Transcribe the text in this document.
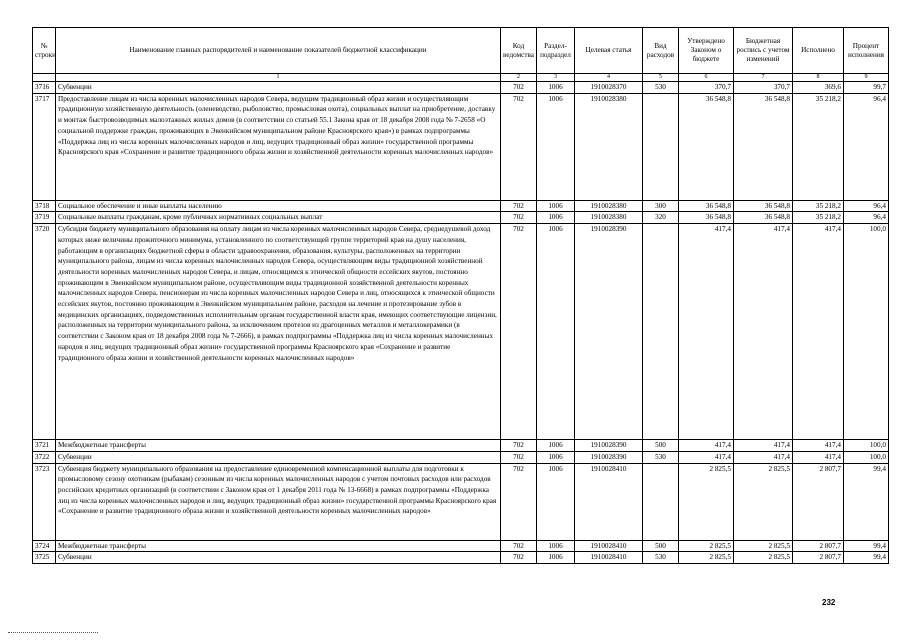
№ строки	Наименование главных распорядителей и наименование показателей бюджетной классификации	Код ведомства	Раздел-подраздел	Целевая статья	Вид расходов	Утверждено Законом о бюджете	Бюджетная роспись с учетом изменений	Исполнено	Процент исполнения
	1	2	3	4	5	6	7	8	9
3716	Субвенции	702	1006	1910028370	530	370,7	370,7	369,6	99,7
3717	Предоставление лицам из числа коренных малочисленных народов Севера, ведущим традиционный образ жизни и осуществляющим традиционную хозяйственную деятельность (оленеводство, рыболовство, промысловая охота), социальных выплат на приобретение, доставку и монтаж быстровозводимых малоэтажных жилых домов (в соответствии со статьей 55.1 Закона края от 18 декабря 2008 года № 7-2658 «О социальной поддержке граждан, проживающих в Эвенкийском муниципальном районе Красноярского края») в рамках подпрограммы «Поддержка лиц из числа коренных малочисленных народов и лиц, ведущих традиционный образ жизни» государственной программы Красноярского края «Сохранение и развитие традиционного образа жизни и хозяйственной деятельности коренных малочисленных народов»	702	1006	1910028380		36 548,8	36 548,8	35 218,2	96,4
3718	Социальное обеспечение и иные выплаты населению	702	1006	1910028380	300	36 548,8	36 548,8	35 218,2	96,4
3719	Социальные выплаты гражданам, кроме публичных нормативных социальных выплат	702	1006	1910028380	320	36 548,8	36 548,8	35 218,2	96,4
3720	Субсидия бюджету муниципального образования на оплату лицам из числа коренных малочисленных народов Севера, среднедушевой доход которых ниже величины прожиточного минимума, установленного по соответствующей группе территорий края на душу населения, работающим в организациях бюджетной сферы в области здравоохранения, образования, культуры, расположенных на территории муниципального района, лицам из числа коренных малочисленных народов Севера, осуществляющим виды традиционной хозяйственной деятельности коренных малочисленных народов Севера, и лицам, относящимся к этнической общности ессейских якутов, постоянно проживающим в Эвенкийском муниципальном районе, осуществляющим виды традиционной хозяйственной деятельности коренных малочисленных народов Севера, пенсионерам из числа коренных малочисленных народов Севера и лиц, относящихся к этнической общности ессейских якутов, постоянно проживающим в Эвенкийском муниципальном районе, расходов на лечение и протезирование зубов в медицинских организациях, подведомственных исполнительным органам государственной власти края, имеющих соответствующие лицензии, расположенных на территории муниципального района, за исключением протезов из драгоценных металлов и металлокерамики (в соответствии с Законом края от 18 декабря 2008 года № 7-2666), в рамках подпрограммы «Поддержка лиц из числа коренных малочисленных народов и лиц, ведущих традиционный образ жизни» государственной программы Красноярского края «Сохранение и развитие традиционного образа жизни и хозяйственной деятельности коренных малочисленных народов»	702	1006	1910028390		417,4	417,4	417,4	100,0
3721	Межбюджетные трансферты	702	1006	1910028390	500	417,4	417,4	417,4	100,0
3722	Субвенции	702	1006	1910028390	530	417,4	417,4	417,4	100,0
3723	Субвенция бюджету муниципального образования на предоставление единовременной компенсационной выплаты для подготовки к промысловому сезону охотникам (рыбакам) сезонным из числа коренных малочисленных народов с учетом почтовых расходов или расходов российских кредитных организаций (в соответствии с Законом края от 1 декабря 2011 года № 13-6668) в рамках подпрограммы «Поддержка лиц из числа коренных малочисленных народов и лиц, ведущих традиционный образ жизни» государственной программы Красноярского края «Сохранение и развитие традиционного образа жизни и хозяйственной деятельности коренных малочисленных народов»	702	1006	1910028410		2 825,5	2 825,5	2 807,7	99,4
3724	Межбюджетные трансферты	702	1006	1910028410	500	2 825,5	2 825,5	2 807,7	99,4
3725	Субвенции	702	1006	1910028410	530	2 825,5	2 825,5	2 807,7	99,4
232
